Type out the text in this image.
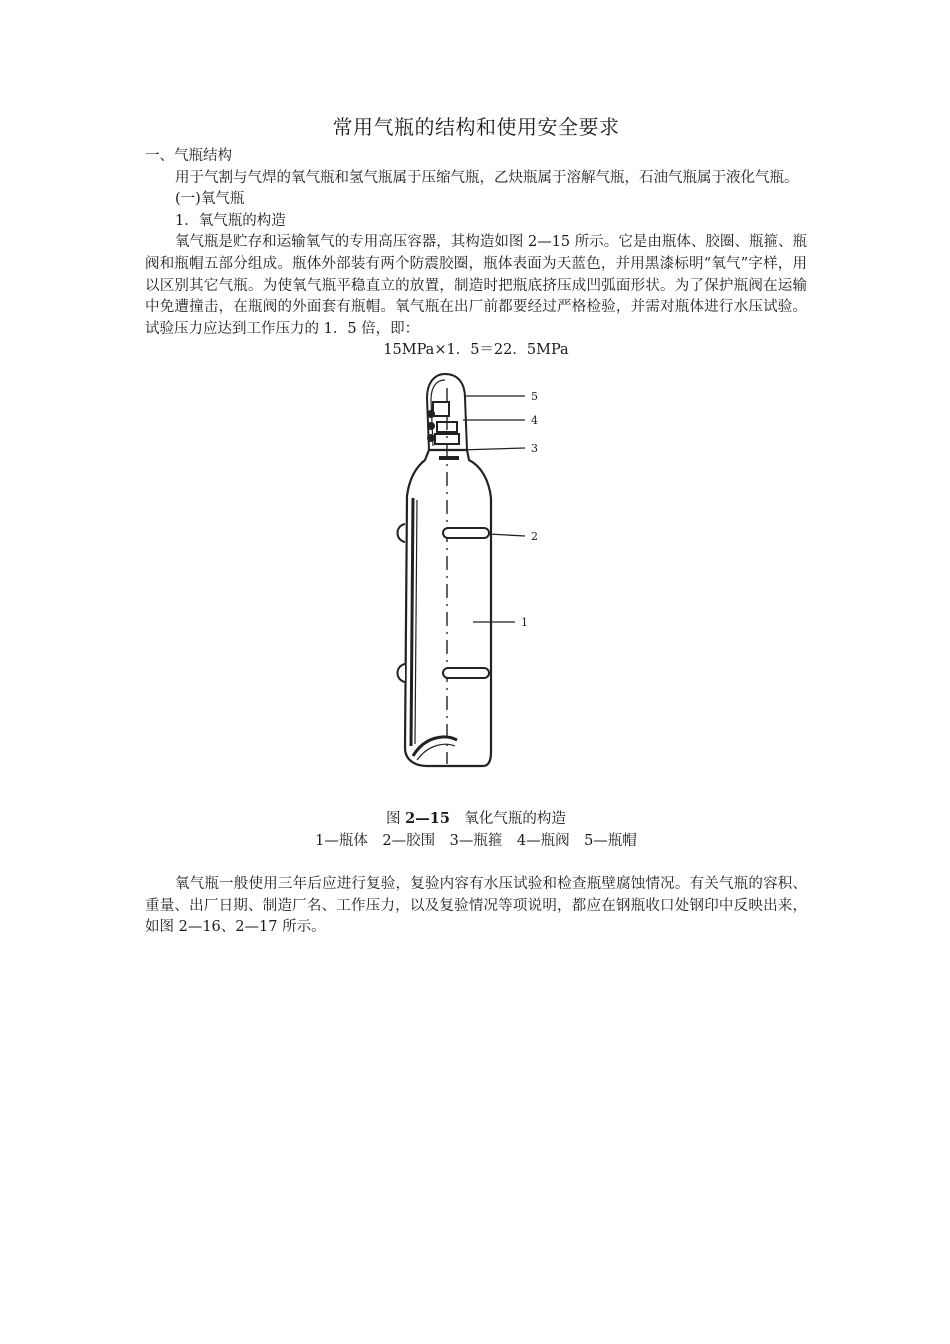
常用气瓶的结构和使用安全要求

一、气瓶结构

用于气割与气焊的氧气瓶和氢气瓶属于压缩气瓶，乙炔瓶属于溶解气瓶，石油气瓶属于液化气瓶。

(一)氧气瓶

1．氧气瓶的构造

氧气瓶是贮存和运输氧气的专用高压容器，其构造如图 2—15 所示。它是由瓶体、胶圈、瓶箍、瓶阀和瓶帽五部分组成。瓶体外部装有两个防震胶圈，瓶体表面为天蓝色，并用黑漆标明“氧气”字样，用以区别其它气瓶。为使氧气瓶平稳直立的放置，制造时把瓶底挤压成凹弧面形状。为了保护瓶阀在运输中免遭撞击，在瓶阀的外面套有瓶帽。氧气瓶在出厂前都要经过严格检验，并需对瓶体进行水压试验。试验压力应达到工作压力的 1．5 倍，即：

15MPa×1．5＝22．5MPa

5
4
3
2
1

图 2—15　氧化气瓶的构造

1—瓶体　2—胶围　3—瓶箍　4—瓶阀　5—瓶帽

氧气瓶一般使用三年后应进行复验，复验内容有水压试验和检查瓶壁腐蚀情况。有关气瓶的容积、重量、出厂日期、制造厂名、工作压力，以及复验情况等项说明，都应在钢瓶收口处钢印中反映出来，如图 2—16、2—17 所示。
